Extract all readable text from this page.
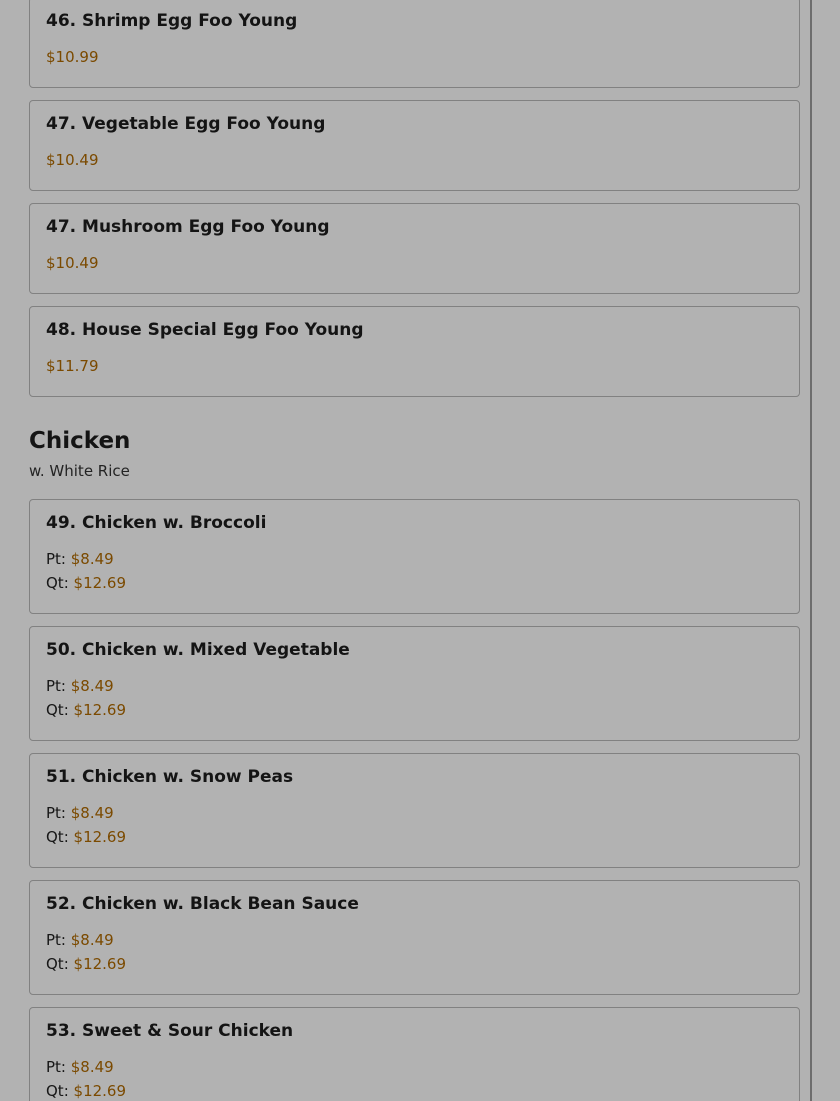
46. Shrimp Egg Foo Young
$10.99
47. Vegetable Egg Foo Young
$10.49
47. Mushroom Egg Foo Young
$10.49
48. House Special Egg Foo Young
$11.79
Chicken
w. White Rice
49. Chicken w. Broccoli
Pt: $8.49
Qt: $12.69
50. Chicken w. Mixed Vegetable
Pt: $8.49
Qt: $12.69
51. Chicken w. Snow Peas
Pt: $8.49
Qt: $12.69
52. Chicken w. Black Bean Sauce
Pt: $8.49
Qt: $12.69
53. Sweet & Sour Chicken
Pt: $8.49
Qt: $12.69
